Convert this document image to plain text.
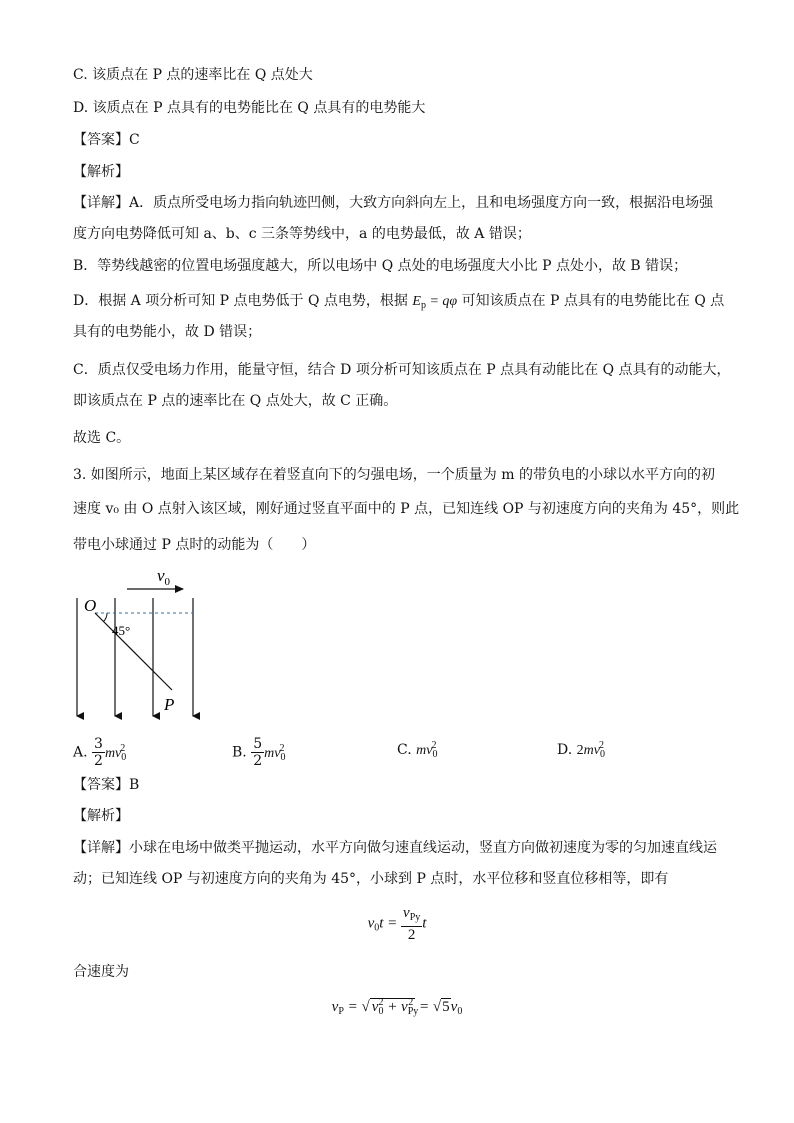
C. 该质点在 P 点的速率比在 Q 点处大
D. 该质点在 P 点具有的电势能比在 Q 点具有的电势能大
【答案】C
【解析】
【详解】A．质点所受电场力指向轨迹凹侧，大致方向斜向左上，且和电场强度方向一致，根据沿电场强
度方向电势降低可知 a、b、c 三条等势线中，a 的电势最低，故 A 错误；
B．等势线越密的位置电场强度越大，所以电场中 Q 点处的电场强度大小比 P 点处小，故 B 错误；
D．根据 A 项分析可知 P 点电势低于 Q 点电势，根据 $E_p = q\varphi$ 可知该质点在 P 点具有的电势能比在 Q 点
具有的电势能小，故 D 错误；
C．质点仅受电场力作用，能量守恒，结合 D 项分析可知该质点在 P 点具有动能比在 Q 点具有的动能大，
即该质点在 P 点的速率比在 Q 点处大，故 C 正确。
故选 C。
3. 如图所示，地面上某区域存在着竖直向下的匀强电场，一个质量为 m 的带负电的小球以水平方向的初
速度 v₀ 由 O 点射入该区域，刚好通过竖直平面中的 P 点，已知连线 OP 与初速度方向的夹角为 45°，则此
带电小球通过 P 点时的动能为（　　）
$v_0$
O
45°
P
A. $\frac{3}{2} mv_0^2$	B. $\frac{5}{2} mv_0^2$	C. $mv_0^2$	D. $2mv_0^2$
【答案】B
【解析】
【详解】小球在电场中做类平抛运动，水平方向做匀速直线运动，竖直方向做初速度为零的匀加速直线运
动；已知连线 OP 与初速度方向的夹角为 45°，小球到 P 点时，水平位移和竖直位移相等，即有
$v_0t = \frac{v_{Py}}{2}$ t
合速度为
$v_P$ = √ $v_0^2 + v_{Py}^2 = √5v_0$
